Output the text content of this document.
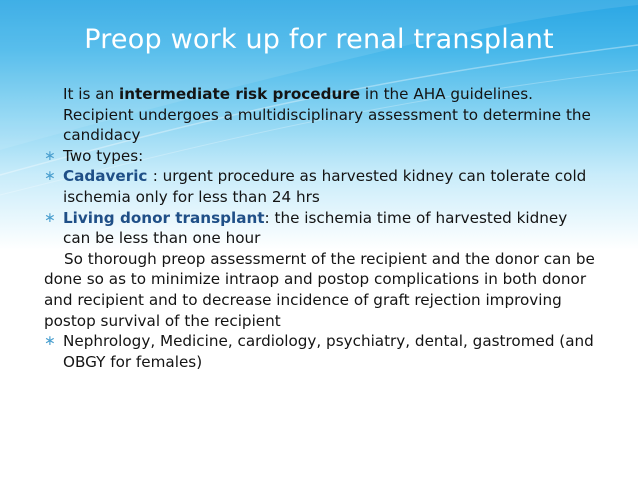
Preop work up for renal transplant
It is an intermediate risk procedure in the AHA guidelines. Recipient undergoes a multidisciplinary assessment to determine the candidacy
∗ Two types:
∗ Cadaveric : urgent procedure as harvested kidney can tolerate cold ischemia only for less than 24 hrs
∗ Living donor transplant: the ischemia time of harvested kidney can be less than one hour
So thorough preop assessmernt of the recipient and the donor can be done so as to minimize intraop and postop complications in both donor and recipient and to decrease incidence of graft rejection improving postop survival of the recipient
∗ Nephrology, Medicine, cardiology, psychiatry, dental, gastromed (and OBGY for females)
